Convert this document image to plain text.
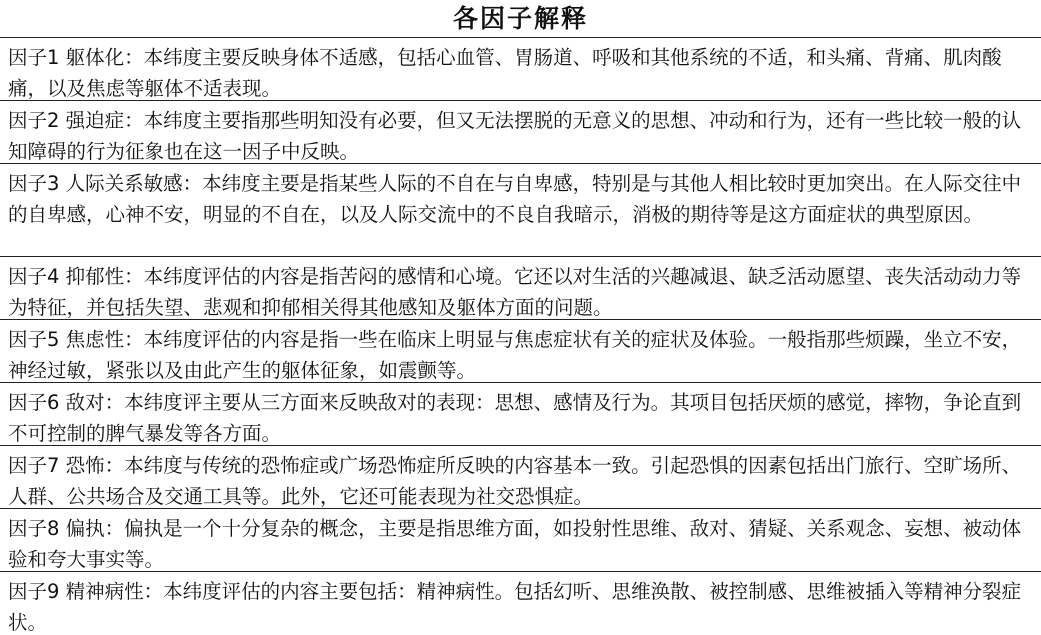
各因子解释
因子1 躯体化：本纬度主要反映身体不适感，包括心血管、胃肠道、呼吸和其他系统的不适，和头痛、背痛、肌肉酸痛，以及焦虑等躯体不适表现。
因子2 强迫症：本纬度主要指那些明知没有必要，但又无法摆脱的无意义的思想、冲动和行为，还有一些比较一般的认知障碍的行为征象也在这一因子中反映。
因子3 人际关系敏感：本纬度主要是指某些人际的不自在与自卑感，特别是与其他人相比较时更加突出。在人际交往中的自卑感，心神不安，明显的不自在，以及人际交流中的不良自我暗示，消极的期待等是这方面症状的典型原因。
因子4 抑郁性：本纬度评估的内容是指苦闷的感情和心境。它还以对生活的兴趣减退、缺乏活动愿望、丧失活动动力等为特征，并包括失望、悲观和抑郁相关得其他感知及躯体方面的问题。
因子5 焦虑性：本纬度评估的内容是指一些在临床上明显与焦虑症状有关的症状及体验。一般指那些烦躁，坐立不安，神经过敏，紧张以及由此产生的躯体征象，如震颤等。
因子6 敌对：本纬度评主要从三方面来反映敌对的表现：思想、感情及行为。其项目包括厌烦的感觉，摔物，争论直到不可控制的脾气暴发等各方面。
因子7 恐怖：本纬度与传统的恐怖症或广场恐怖症所反映的内容基本一致。引起恐惧的因素包括出门旅行、空旷场所、人群、公共场合及交通工具等。此外，它还可能表现为社交恐惧症。
因子8 偏执：偏执是一个十分复杂的概念，主要是指思维方面，如投射性思维、敌对、猜疑、关系观念、妄想、被动体验和夸大事实等。
因子9 精神病性：本纬度评估的内容主要包括：精神病性。包括幻听、思维涣散、被控制感、思维被插入等精神分裂症状。
